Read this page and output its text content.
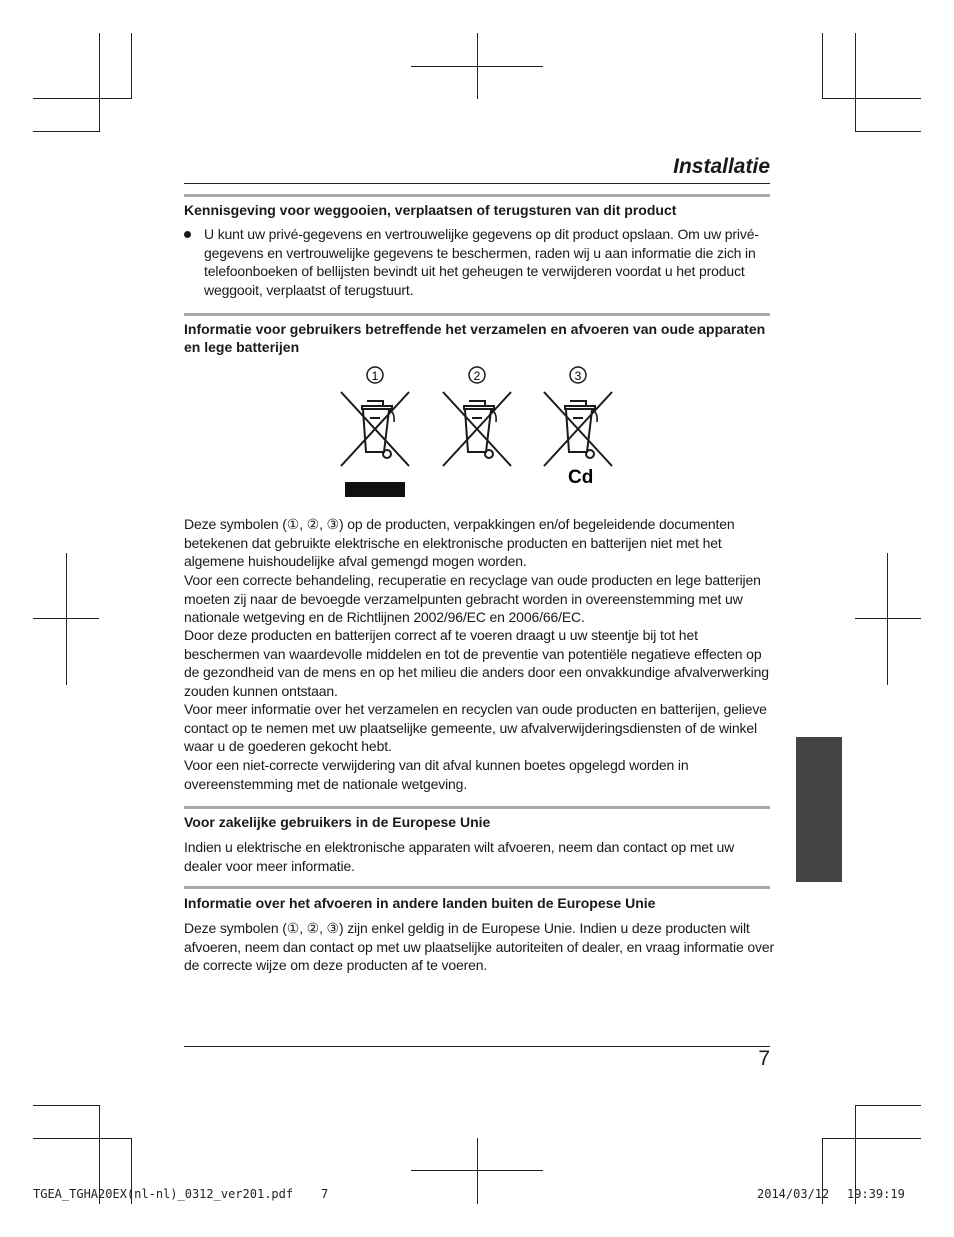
Installatie
Kennisgeving voor weggooien, verplaatsen of terugsturen van dit product
U kunt uw privé-gegevens en vertrouwelijke gegevens op dit product opslaan. Om uw privé-gegevens en vertrouwelijke gegevens te beschermen, raden wij u aan informatie die zich in telefoonboeken of bellijsten bevindt uit het geheugen te verwijderen voordat u het product weggooit, verplaatst of terugstuurt.
Informatie voor gebruikers betreffende het verzamelen en afvoeren van oude apparaten en lege batterijen
1	2	3
Cd
Deze symbolen (①, ②, ③) op de producten, verpakkingen en/of begeleidende documenten betekenen dat gebruikte elektrische en elektronische producten en batterijen niet met het algemene huishoudelijke afval gemengd mogen worden.
Voor een correcte behandeling, recuperatie en recyclage van oude producten en lege batterijen moeten zij naar de bevoegde verzamelpunten gebracht worden in overeenstemming met uw nationale wetgeving en de Richtlijnen 2002/96/EC en 2006/66/EC.
Door deze producten en batterijen correct af te voeren draagt u uw steentje bij tot het beschermen van waardevolle middelen en tot de preventie van potentiële negatieve effecten op de gezondheid van de mens en op het milieu die anders door een onvakkundige afvalverwerking zouden kunnen ontstaan.
Voor meer informatie over het verzamelen en recyclen van oude producten en batterijen, gelieve contact op te nemen met uw plaatselijke gemeente, uw afvalverwijderingsdiensten of de winkel waar u de goederen gekocht hebt.
Voor een niet-correcte verwijdering van dit afval kunnen boetes opgelegd worden in overeenstemming met de nationale wetgeving.
Voor zakelijke gebruikers in de Europese Unie
Indien u elektrische en elektronische apparaten wilt afvoeren, neem dan contact op met uw dealer voor meer informatie.
Informatie over het afvoeren in andere landen buiten de Europese Unie
Deze symbolen (①, ②, ③) zijn enkel geldig in de Europese Unie. Indien u deze producten wilt afvoeren, neem dan contact op met uw plaatselijke autoriteiten of dealer, en vraag informatie over de correcte wijze om deze producten af te voeren.
7
TGEA_TGHA20EX(nl-nl)_0312_ver201.pdf 7	2014/03/12 19:39:19
